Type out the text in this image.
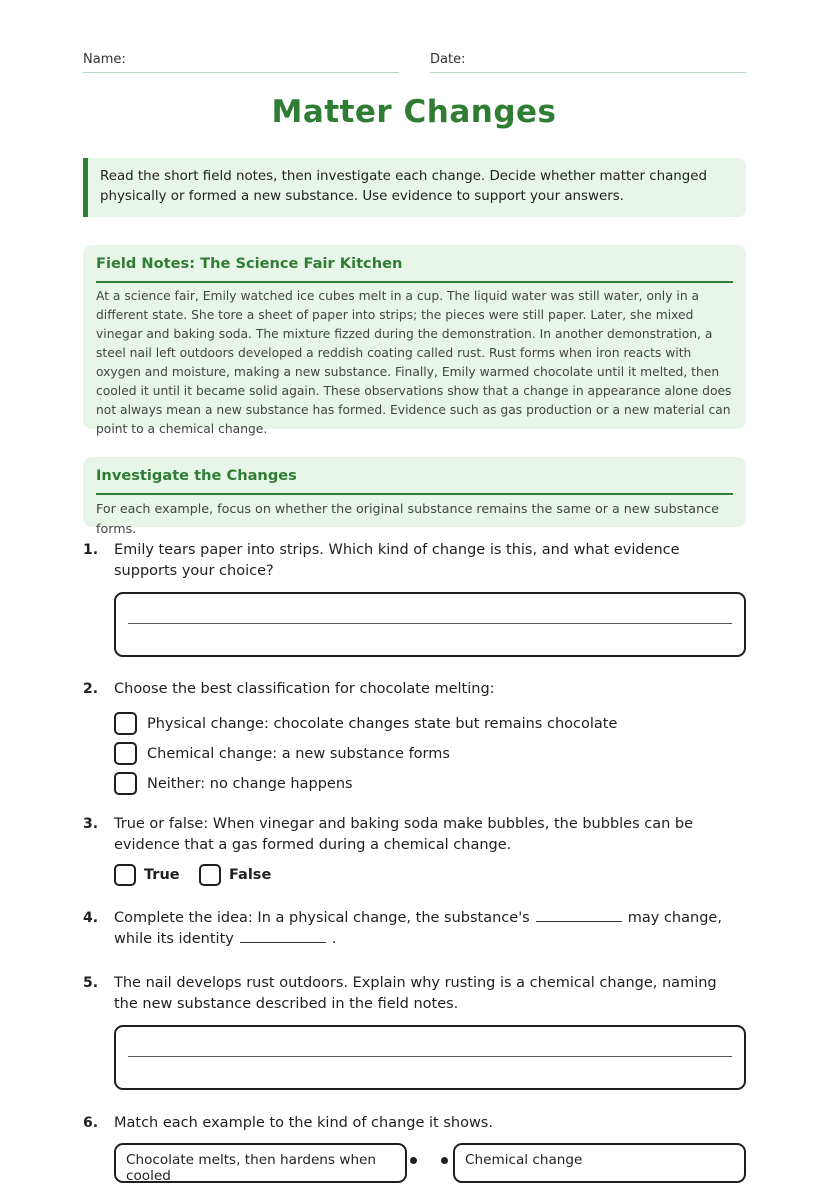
Name:	Date:
Matter Changes
Read the short field notes, then investigate each change. Decide whether matter changed physically or formed a new substance. Use evidence to support your answers.
Field Notes: The Science Fair Kitchen

At a science fair, Emily watched ice cubes melt in a cup. The liquid water was still water, only in a different state. She tore a sheet of paper into strips; the pieces were still paper. Later, she mixed vinegar and baking soda. The mixture fizzed during the demonstration. In another demonstration, a steel nail left outdoors developed a reddish coating called rust. Rust forms when iron reacts with oxygen and moisture, making a new substance. Finally, Emily warmed chocolate until it melted, then cooled it until it became solid again. These observations show that a change in appearance alone does not always mean a new substance has formed. Evidence such as gas production or a new material can point to a chemical change.

Investigate the Changes

For each example, focus on whether the original substance remains the same or a new substance forms.

1. Emily tears paper into strips. Which kind of change is this, and what evidence supports your choice?
2. Choose the best classification for chocolate melting:
Physical change: chocolate changes state but remains chocolate
Chemical change: a new substance forms
Neither: no change happens
3. True or false: When vinegar and baking soda make bubbles, the bubbles can be evidence that a gas formed during a chemical change.
True	False
4. Complete the idea: In a physical change, the substance's	may change, while its identity	.
5. The nail develops rust outdoors. Explain why rusting is a chemical change, naming the new substance described in the field notes.
6. Match each example to the kind of change it shows.
Chocolate melts, then hardens when cooled
Chemical change
